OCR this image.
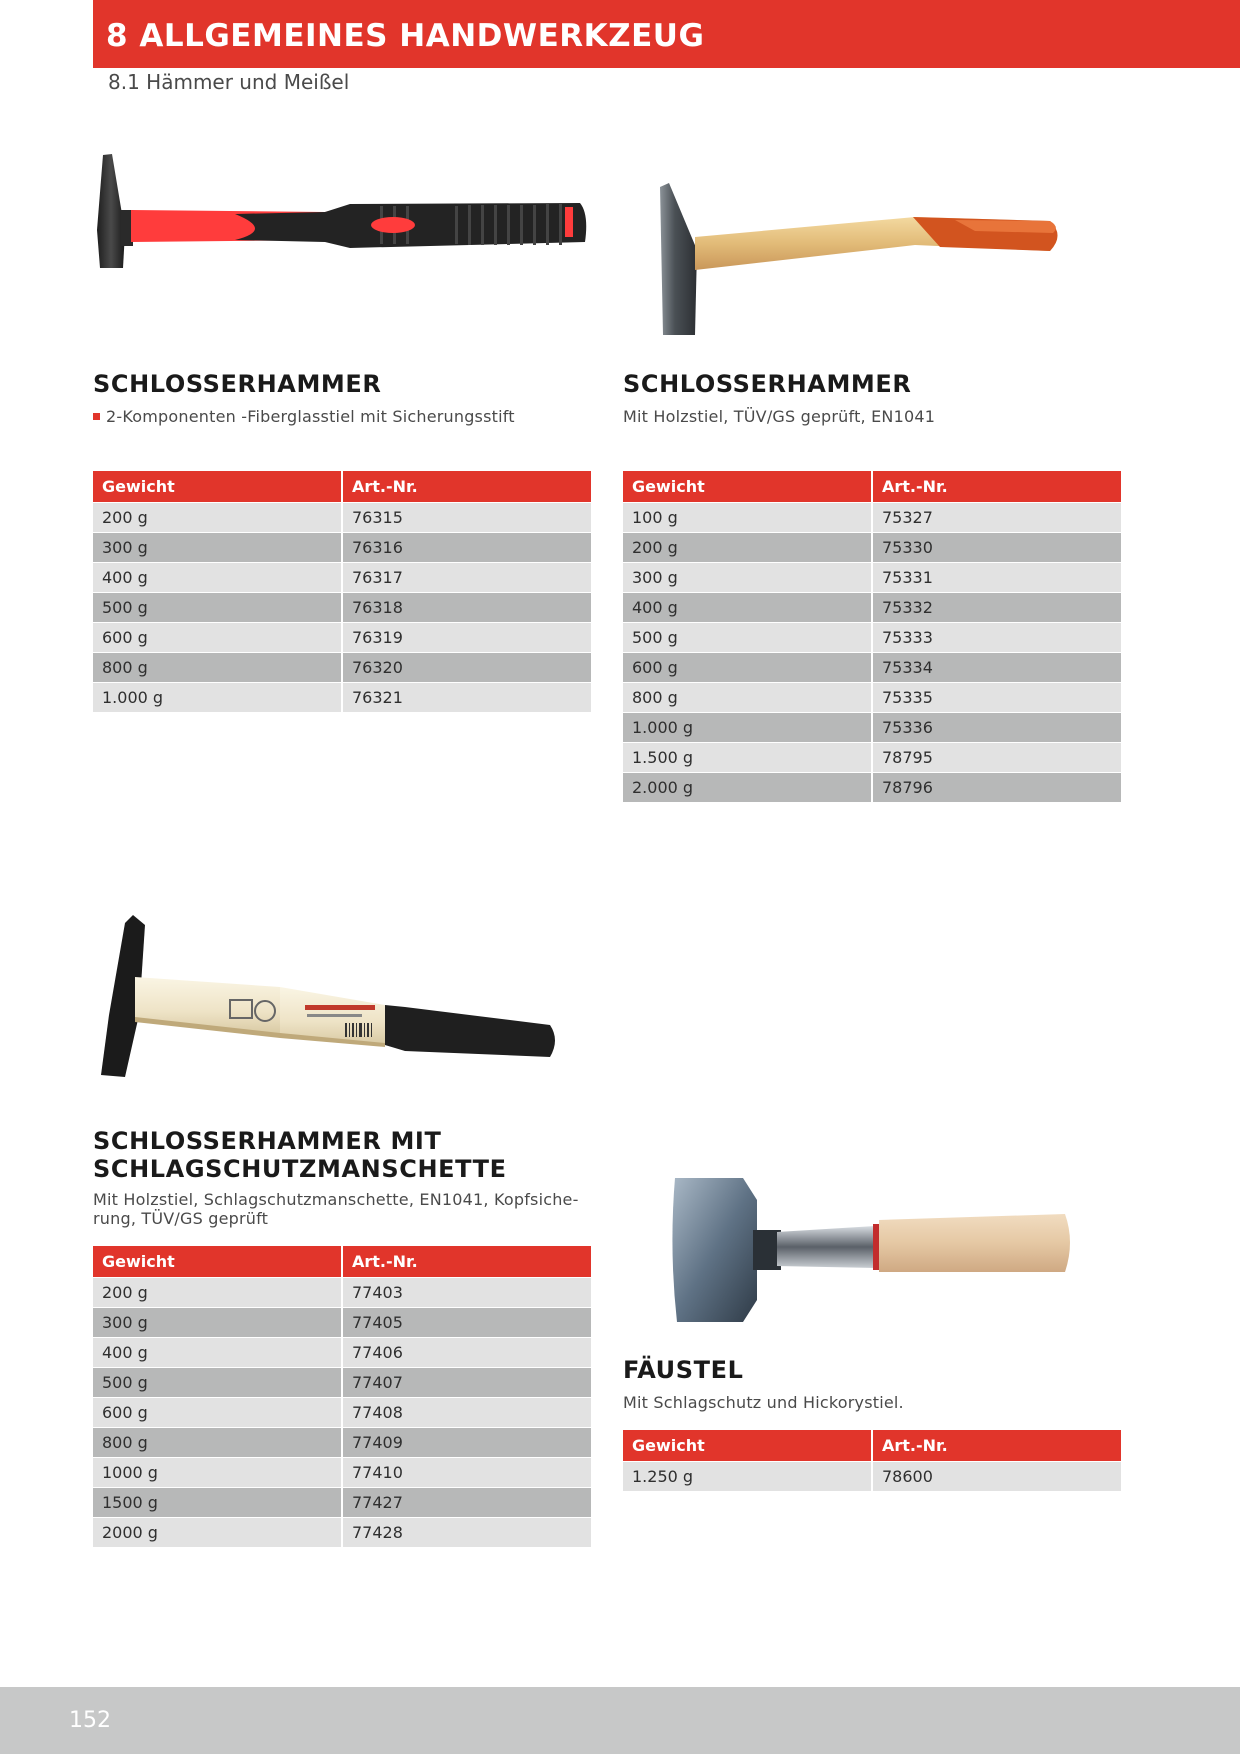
8 ALLGEMEINES HANDWERKZEUG
8.1 Hämmer und Meißel
SCHLOSSERHAMMER
2-Komponenten -Fiberglasstiel mit Sicherungsstift
Gewicht	Art.-Nr.
200 g	76315
300 g	76316
400 g	76317
500 g	76318
600 g	76319
800 g	76320
1.000 g	76321
SCHLOSSERHAMMER
Mit Holzstiel, TÜV/GS geprüft, EN1041
Gewicht	Art.-Nr.
100 g	75327
200 g	75330
300 g	75331
400 g	75332
500 g	75333
600 g	75334
800 g	75335
1.000 g	75336
1.500 g	78795
2.000 g	78796
SCHLOSSERHAMMER MIT
SCHLAGSCHUTZMANSCHETTE
Mit Holzstiel, Schlagschutzmanschette, EN1041, Kopfsiche-
rung, TÜV/GS geprüft
Gewicht	Art.-Nr.
200 g	77403
300 g	77405
400 g	77406
500 g	77407
600 g	77408
800 g	77409
1000 g	77410
1500 g	77427
2000 g	77428
FÄUSTEL
Mit Schlagschutz und Hickorystiel.
Gewicht	Art.-Nr.
1.250 g	78600
152
